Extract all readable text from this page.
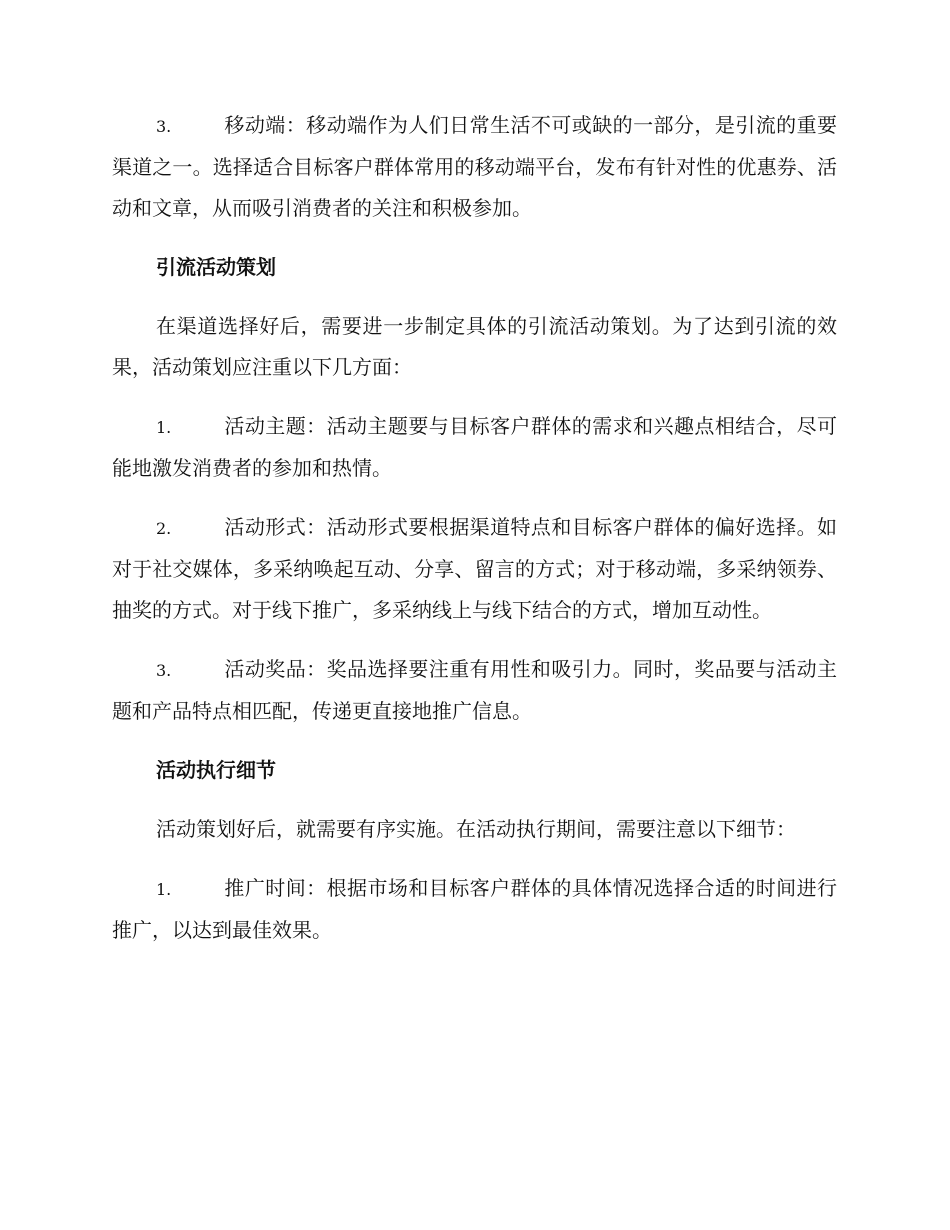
3.	移动端：移动端作为人们日常生活不可或缺的一部分，是引流的重要渠道之一。选择适合目标客户群体常用的移动端平台，发布有针对性的优惠券、活动和文章，从而吸引消费者的关注和积极参加。

引流活动策划

在渠道选择好后，需要进一步制定具体的引流活动策划。为了达到引流的效果，活动策划应注重以下几方面：

1.	活动主题：活动主题要与目标客户群体的需求和兴趣点相结合，尽可能地激发消费者的参加和热情。

2.	活动形式：活动形式要根据渠道特点和目标客户群体的偏好选择。如对于社交媒体，多采纳唤起互动、分享、留言的方式；对于移动端，多采纳领券、抽奖的方式。对于线下推广，多采纳线上与线下结合的方式，增加互动性。

3.	活动奖品：奖品选择要注重有用性和吸引力。同时，奖品要与活动主题和产品特点相匹配，传递更直接地推广信息。

活动执行细节

活动策划好后，就需要有序实施。在活动执行期间，需要注意以下细节：

1.	推广时间：根据市场和目标客户群体的具体情况选择合适的时间进行推广，以达到最佳效果。
